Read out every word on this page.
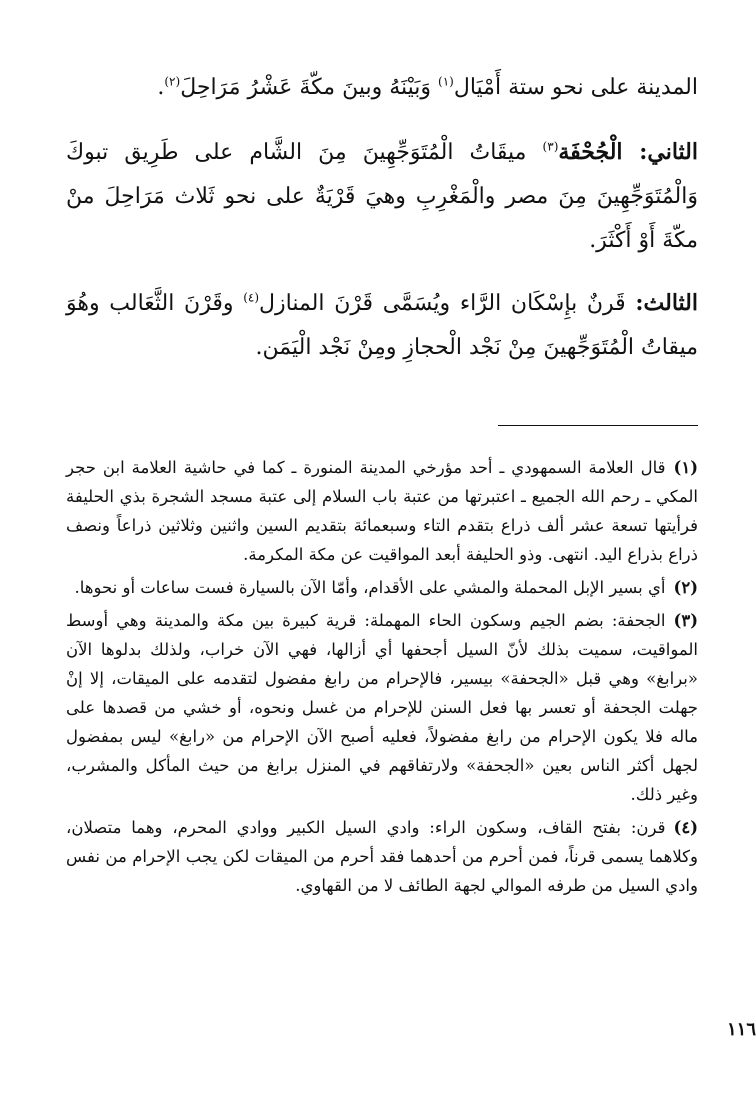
المدينة على نحو ستة أَمْيَال$^{(١)}$ وَبَيْنَهُ وبينَ مكّةَ عَشْرُ مَرَاحِلَ$^{(٢)}$.

الثاني: الْجُحْفَة$^{(٣)}$ ميقَاتُ الْمُتَوَجِّهِينَ مِنَ الشَّام على طَرِيق تبوكَ وَالْمُتَوَجِّهِينَ مِنَ مصر والْمَغْرِبِ وهيَ قَرْيَةٌ على نحو ثَلاث مَرَاحِلَ منْ مكّةَ أَوْ أَكْثَرَ.

الثالث: قَرنٌ بإِسْكَان الرَّاء ويُسَمَّى قَرْنَ المنازل$^{(٤)}$ وقَرْنَ الثَّعَالب وهُوَ ميقاتُ الْمُتَوَجِّهينَ مِنْ نَجْد الْحجازِ ومِنْ نَجْد الْيَمَن.

(١)قال العلامة السمهودي ـ أحد مؤرخي المدينة المنورة ـ كما في حاشية العلامة ابن حجر المكي ـ رحم الله الجميع ـ اعتبرتها من عتبة باب السلام إلى عتبة مسجد الشجرة بذي الحليفة فرأيتها تسعة عشر ألف ذراع بتقدم التاء وسبعمائة بتقديم السين واثنين وثلاثين ذراعاً ونصف ذراع بذراع اليد. انتهى. وذو الحليفة أبعد المواقيت عن مكة المكرمة.

(٢)أي بسير الإبل المحملة والمشي على الأقدام، وأمّا الآن بالسيارة فست ساعات أو نحوها.

(٣)الجحفة: بضم الجيم وسكون الحاء المهملة: قرية كبيرة بين مكة والمدينة وهي أوسط المواقيت، سميت بذلك لأنّ السيل أجحفها أي أزالها، فهي الآن خراب، ولذلك بدلوها الآن «برابغ» وهي قبل «الجحفة» بيسير، فالإحرام من رابغ مفضول لتقدمه على الميقات، إلا إنْ جهلت الجحفة أو تعسر بها فعل السنن للإحرام من غسل ونحوه، أو خشي من قصدها على ماله فلا يكون الإحرام من رابغ مفضولاً، فعليه أصبح الآن الإحرام من «رابغ» ليس بمفضول لجهل أكثر الناس بعين «الجحفة» ولارتفاقهم في المنزل برابغ من حيث المأكل والمشرب، وغير ذلك.

(٤)قرن: بفتح القاف، وسكون الراء: وادي السيل الكبير ووادي المحرم، وهما متصلان، وكلاهما يسمى قرناً، فمن أحرم من أحدهما فقد أحرم من الميقات لكن يجب الإحرام من نفس وادي السيل من طرفه الموالي لجهة الطائف لا من القهاوي.

١١٦
